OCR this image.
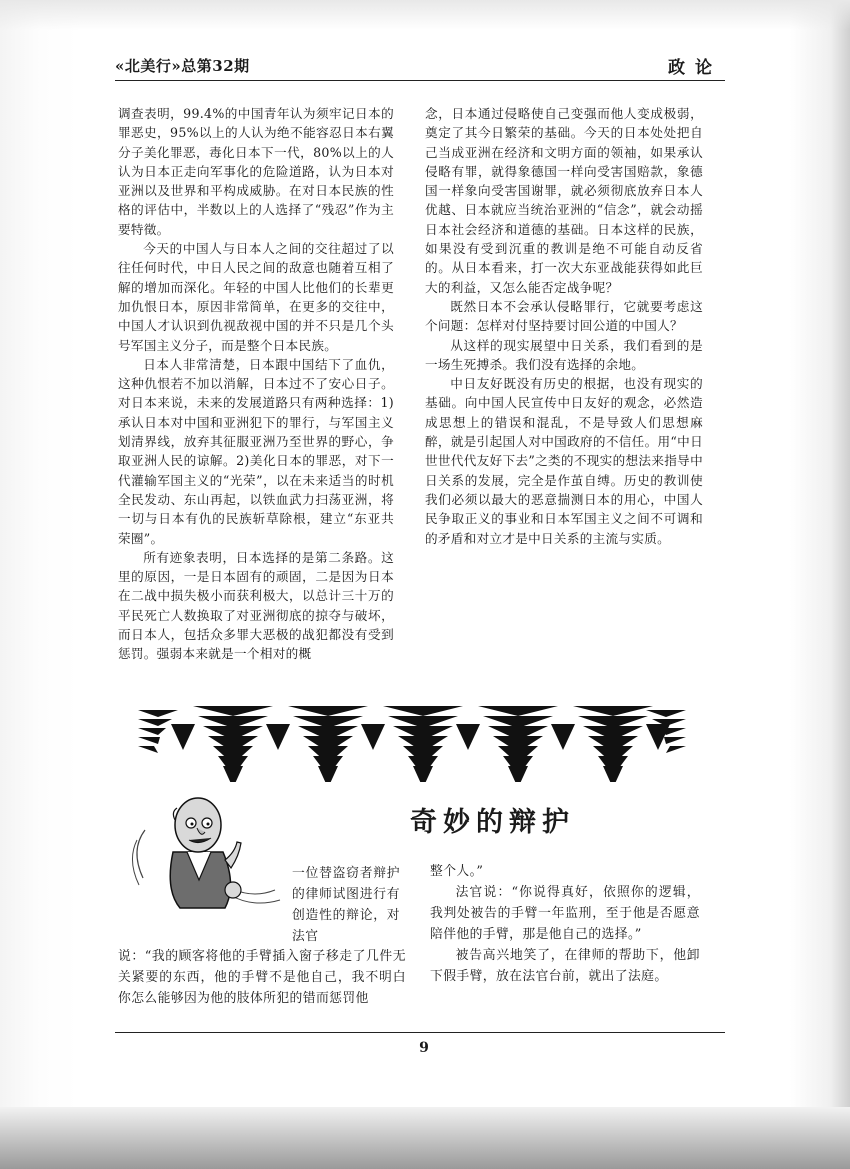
«北美行»总第32期	政论

调查表明，99.4%的中国青年认为须牢记日本的罪恶史，95%以上的人认为绝不能容忍日本右翼分子美化罪恶，毒化日本下一代，80%以上的人认为日本正走向军事化的危险道路，认为日本对亚洲以及世界和平构成威胁。在对日本民族的性格的评估中，半数以上的人选择了“残忍”作为主要特徵。

今天的中国人与日本人之间的交往超过了以往任何时代，中日人民之间的敌意也随着互相了解的增加而深化。年轻的中国人比他们的长辈更加仇恨日本，原因非常简单，在更多的交往中，中国人才认识到仇视敌视中国的并不只是几个头号军国主义分子，而是整个日本民族。

日本人非常清楚，日本跟中国结下了血仇，这种仇恨若不加以消解，日本过不了安心日子。对日本来说，未来的发展道路只有两种选择：1)承认日本对中国和亚洲犯下的罪行，与军国主义划清界线，放弃其征服亚洲乃至世界的野心，争取亚洲人民的谅解。2)美化日本的罪恶，对下一代灌输军国主义的“光荣”，以在未来适当的时机全民发动、东山再起，以铁血武力扫荡亚洲，将一切与日本有仇的民族斩草除根，建立“东亚共荣圈”。

所有迹象表明，日本选择的是第二条路。这里的原因，一是日本固有的顽固，二是因为日本在二战中损失极小而获利极大，以总计三十万的平民死亡人数换取了对亚洲彻底的掠夺与破坏，而日本人，包括众多罪大恶极的战犯都没有受到惩罚。强弱本来就是一个相对的概

念，日本通过侵略使自己变强而他人变成极弱，奠定了其今日繁荣的基础。今天的日本处处把自己当成亚洲在经济和文明方面的领袖，如果承认侵略有罪，就得象德国一样向受害国赔款，象德国一样象向受害国谢罪，就必须彻底放弃日本人优越、日本就应当统治亚洲的“信念”，就会动摇日本社会经济和道德的基础。日本这样的民族，如果没有受到沉重的教训是绝不可能自动反省的。从日本看来，打一次大东亚战能获得如此巨大的利益，又怎么能否定战争呢？

既然日本不会承认侵略罪行，它就要考虑这个问题：怎样对付坚持要讨回公道的中国人？

从这样的现实展望中日关系，我们看到的是一场生死搏杀。我们没有选择的余地。

中日友好既没有历史的根据，也没有现实的基础。向中国人民宣传中日友好的观念，必然造成思想上的错误和混乱，不是导致人们思想麻醉，就是引起国人对中国政府的不信任。用“中日世世代代友好下去”之类的不现实的想法来指导中日关系的发展，完全是作茧自缚。历史的教训使我们必须以最大的恶意揣测日本的用心，中国人民争取正义的事业和日本军国主义之间不可调和的矛盾和对立才是中日关系的主流与实质。

奇妙的辩护

一位替盗窃者辩护的律师试图进行有创造性的辩论，对法官

说：“我的顾客将他的手臂插入窗子移走了几件无关紧要的东西，他的手臂不是他自己，我不明白你怎么能够因为他的肢体所犯的错而惩罚他

整个人。”

法官说：“你说得真好，依照你的逻辑，我判处被告的手臂一年监刑，至于他是否愿意陪伴他的手臂，那是他自己的选择。”

被告高兴地笑了，在律师的帮助下，他卸下假手臂，放在法官台前，就出了法庭。

9
